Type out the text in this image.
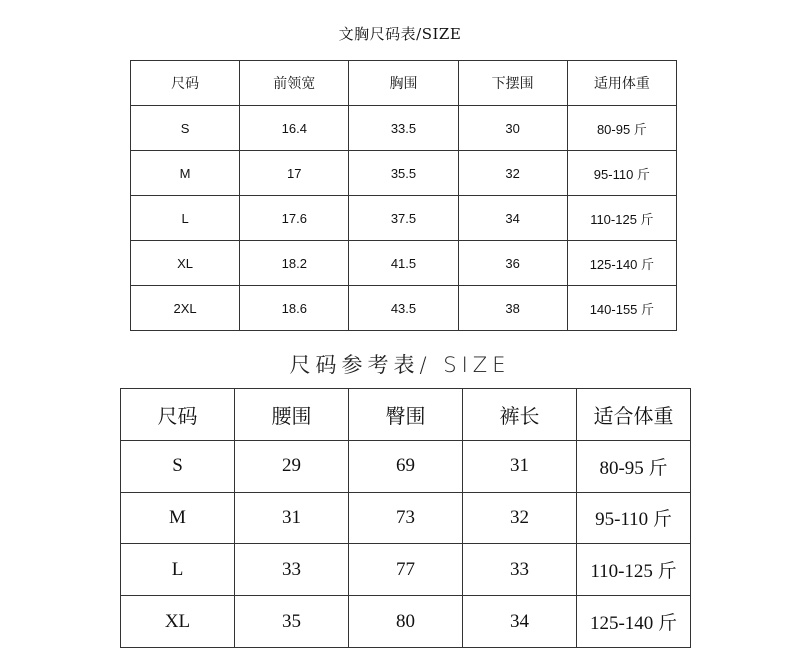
文胸尺码表/SIZE
尺码	前领宽	胸围	下摆围	适用体重
S	16.4	33.5	30	80-95 斤
M	17	35.5	32	95-110 斤
L	17.6	37.5	34	110-125 斤
XL	18.2	41.5	36	125-140 斤
2XL	18.6	43.5	38	140-155 斤
尺码参考表/ SIZE
尺码	腰围	臀围	裤长	适合体重
S	29	69	31	80-95 斤
M	31	73	32	95-110 斤
L	33	77	33	110-125 斤
XL	35	80	34	125-140 斤
